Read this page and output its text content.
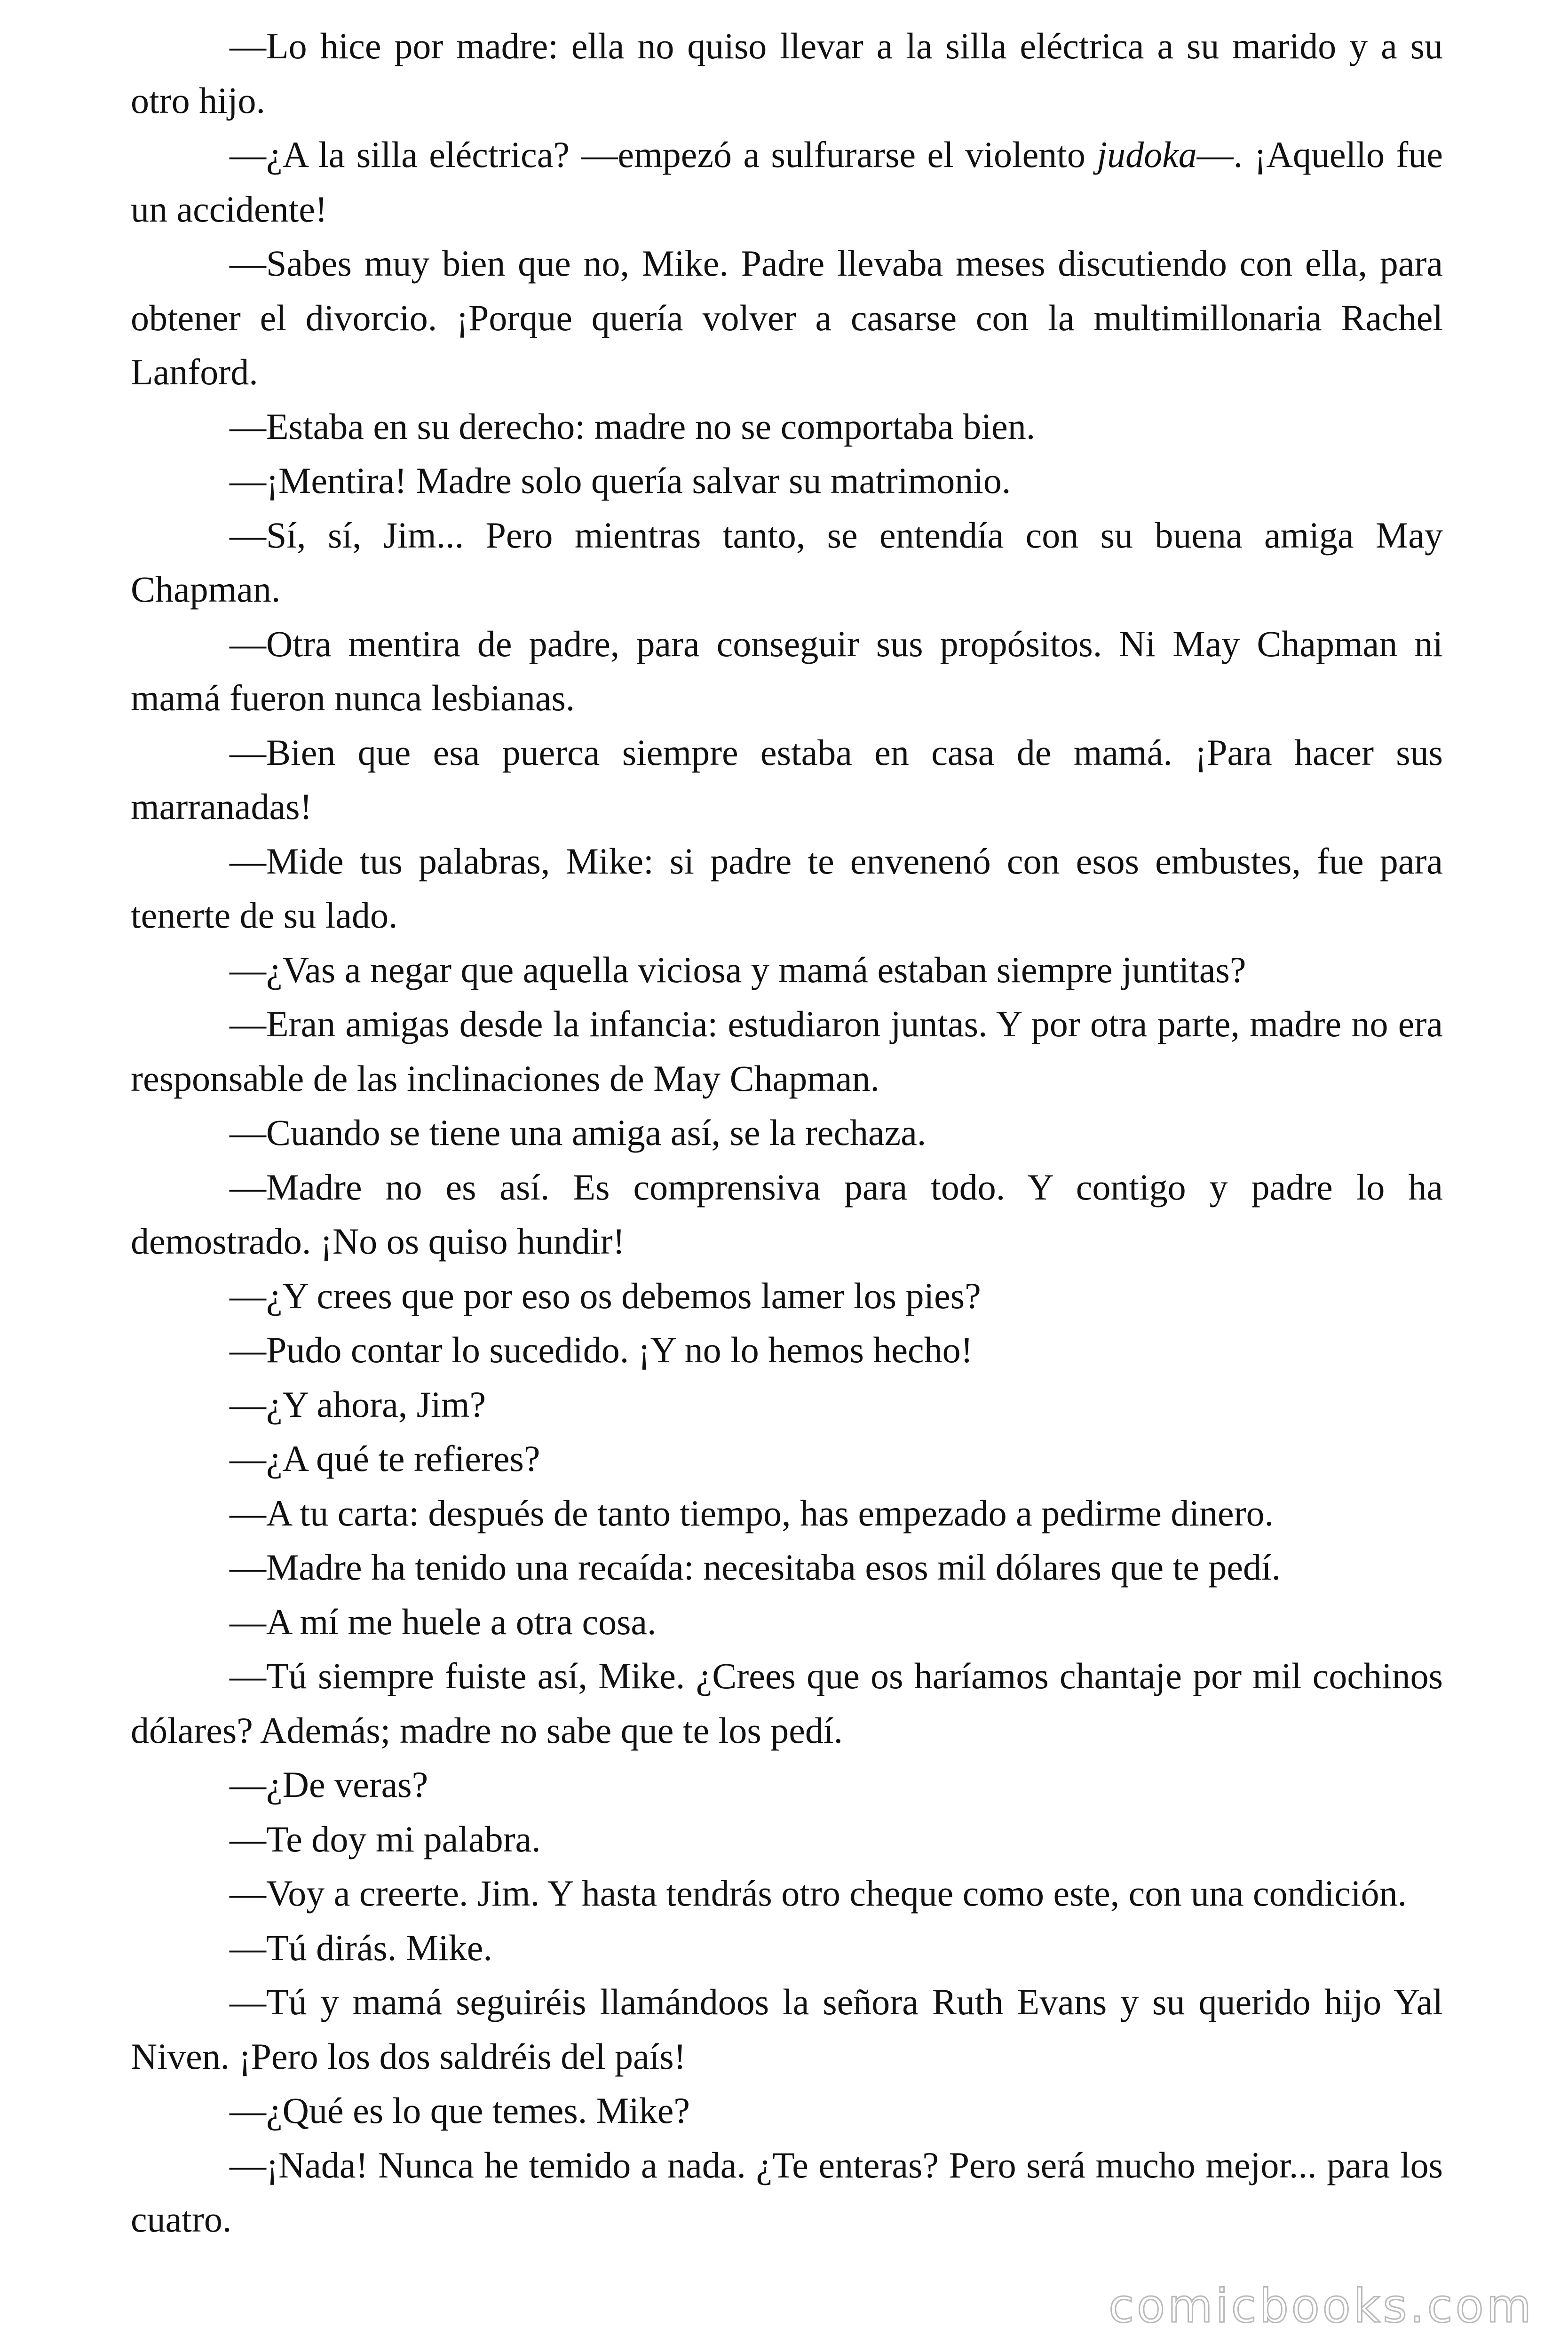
—Lo hice por madre: ella no quiso llevar a la silla eléctrica a su marido y a su otro hijo.

—¿A la silla eléctrica? —empezó a sulfurarse el violento judoka—. ¡Aquello fue un accidente!

—Sabes muy bien que no, Mike. Padre llevaba meses discutiendo con ella, para obtener el divorcio. ¡Porque quería volver a casarse con la multimillonaria Rachel Lanford.

—Estaba en su derecho: madre no se comportaba bien.

—¡Mentira! Madre solo quería salvar su matrimonio.

—Sí, sí, Jim... Pero mientras tanto, se entendía con su buena amiga May Chapman.

—Otra mentira de padre, para conseguir sus propósitos. Ni May Chapman ni mamá fueron nunca lesbianas.

—Bien que esa puerca siempre estaba en casa de mamá. ¡Para hacer sus marranadas!

—Mide tus palabras, Mike: si padre te envenenó con esos embustes, fue para tenerte de su lado.

—¿Vas a negar que aquella viciosa y mamá estaban siempre juntitas?

—Eran amigas desde la infancia: estudiaron juntas. Y por otra parte, madre no era responsable de las inclinaciones de May Chapman.

—Cuando se tiene una amiga así, se la rechaza.

—Madre no es así. Es comprensiva para todo. Y contigo y padre lo ha demostrado. ¡No os quiso hundir!

—¿Y crees que por eso os debemos lamer los pies?

—Pudo contar lo sucedido. ¡Y no lo hemos hecho!

—¿Y ahora, Jim?

—¿A qué te refieres?

—A tu carta: después de tanto tiempo, has empezado a pedirme dinero.

—Madre ha tenido una recaída: necesitaba esos mil dólares que te pedí.

—A mí me huele a otra cosa.

—Tú siempre fuiste así, Mike. ¿Crees que os haríamos chantaje por mil cochinos dólares? Además; madre no sabe que te los pedí.

—¿De veras?

—Te doy mi palabra.

—Voy a creerte. Jim. Y hasta tendrás otro cheque como este, con una condición.

—Tú dirás. Mike.

—Tú y mamá seguiréis llamándoos la señora Ruth Evans y su querido hijo Yal Niven. ¡Pero los dos saldréis del país!

—¿Qué es lo que temes. Mike?

—¡Nada! Nunca he temido a nada. ¿Te enteras? Pero será mucho mejor... para los cuatro.

comicbooks.com
